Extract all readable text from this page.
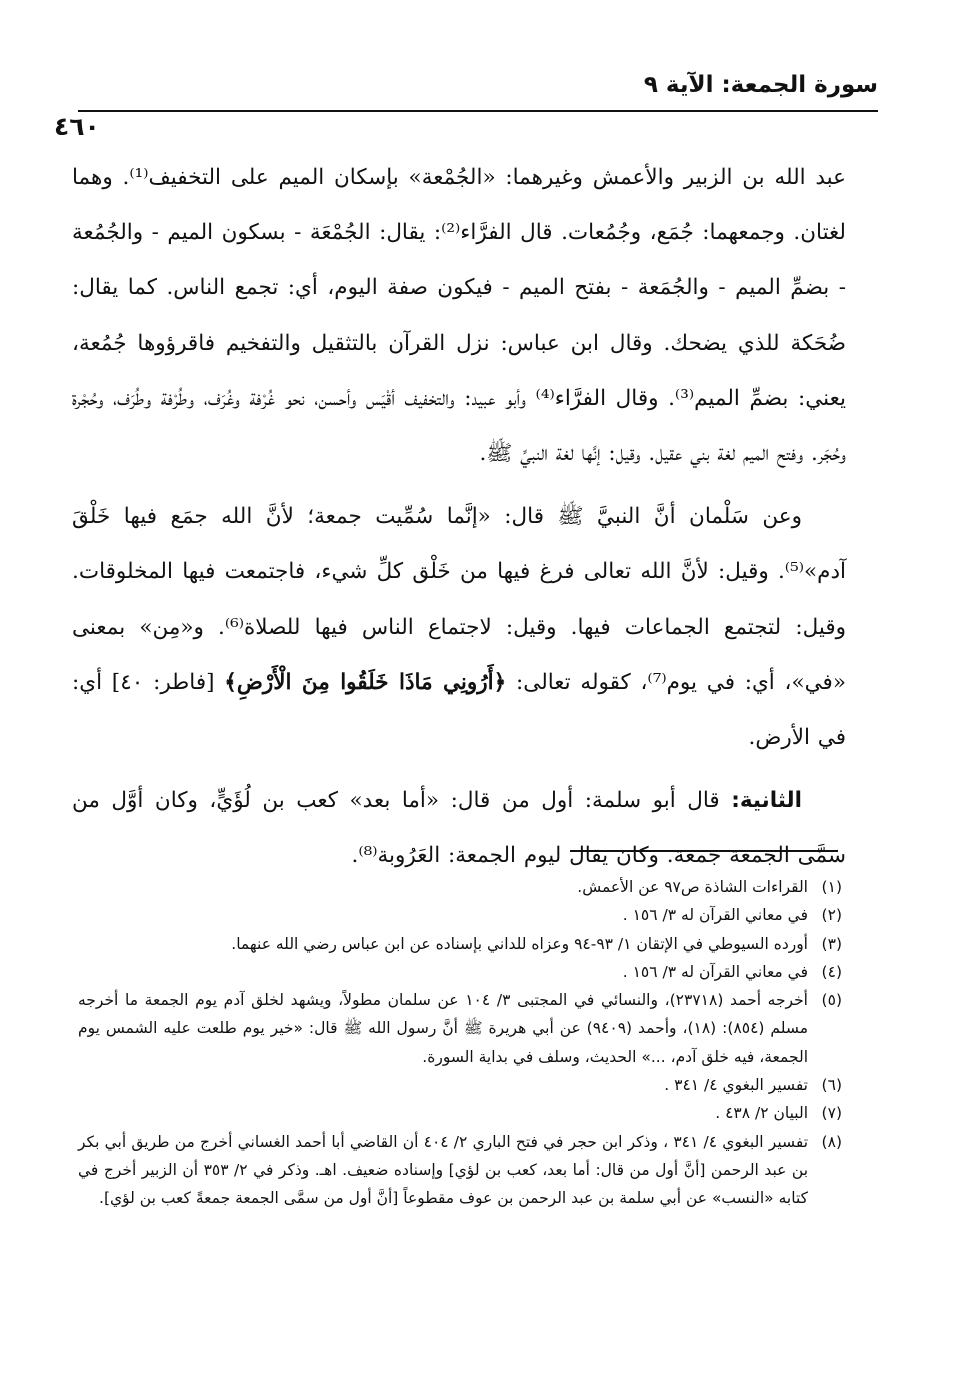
سورة الجمعة: الآية ٩
٤٦٠

عبد الله بن الزبير والأعمش وغيرهما: «الجُمْعة» بإسكان الميم على التخفيف⁽¹⁾. وهما لغتان. وجمعهما: جُمَع، وجُمُعات. قال الفرَّاء⁽²⁾: يقال: الجُمْعَة - بسكون الميم - والجُمُعة - بضمِّ الميم - والجُمَعة - بفتح الميم - فيكون صفة اليوم، أي: تجمع الناس. كما يقال: ضُحَكة للذي يضحك. وقال ابن عباس: نزل القرآن بالتثقيل والتفخيم فاقرؤوها جُمُعة، يعني: بضمِّ الميم⁽³⁾. وقال الفرَّاء⁽⁴⁾ وأبو عبيد: والتخفيف أقْيَس وأحسن، نحو غُرْفة وغُرَف، وطُرْفة وطُرَف، وحُجْرة وحُجَر. وفتح الميم لغة بني عقيل. وقيل: إنَّها لغة النبيِّ ﷺ.

وعن سَلْمان أنَّ النبيَّ ﷺ قال: «إنَّما سُمِّيت جمعة؛ لأنَّ الله جمَع فيها خَلْقَ آدم»⁽⁵⁾. وقيل: لأنَّ الله تعالى فرغ فيها من خَلْق كلِّ شيء، فاجتمعت فيها المخلوقات. وقيل: لتجتمع الجماعات فيها. وقيل: لاجتماع الناس فيها للصلاة⁽⁶⁾. و«مِن» بمعنى «في»، أي: في يوم⁽⁷⁾، كقوله تعالى: ﴿أَرُونِي مَاذَا خَلَقُوا مِنَ الْأَرْضِ﴾ [فاطر: ٤٠] أي: في الأرض.

الثانية: قال أبو سلمة: أول من قال: «أما بعد» كعب بن لُؤَيٍّ، وكان أوَّل من سَمَّى الجمعة جمعة. وكان يقال ليوم الجمعة: العَرُوبة⁽⁸⁾.

(١)
القراءات الشاذة ص٩٧ عن الأعمش.
(٢)
في معاني القرآن له ٣/ ١٥٦ .
(٣)
أورده السيوطي في الإتقان ١/ ٩٣-٩٤ وعزاه للداني بإسناده عن ابن عباس رضي الله عنهما.
(٤)
في معاني القرآن له ٣/ ١٥٦ .
(٥)
أخرجه أحمد (٢٣٧١٨)، والنسائي في المجتبى ٣/ ١٠٤ عن سلمان مطولاً، ويشهد لخلق آدم يوم الجمعة ما أخرجه مسلم (٨٥٤): (١٨)، وأحمد (٩٤٠٩) عن أبي هريرة ﷺ أنَّ رسول الله ﷺ قال: «خير يوم طلعت عليه الشمس يوم الجمعة، فيه خلق آدم، ...» الحديث، وسلف في بداية السورة.
(٦)
تفسير البغوي ٤/ ٣٤١ .
(٧)
البيان ٢/ ٤٣٨ .
(٨)
تفسير البغوي ٤/ ٣٤١ ، وذكر ابن حجر في فتح الباري ٢/ ٤٠٤ أن القاضي أبا أحمد الغساني أخرج من طريق أبي بكر بن عبد الرحمن [أنَّ أول من قال: أما بعد، كعب بن لؤي] وإسناده ضعيف. اهـ. وذكر في ٢/ ٣٥٣ أن الزبير أخرج في كتابه «النسب» عن أبي سلمة بن عبد الرحمن بن عوف مقطوعاً [أنَّ أول من سمَّى الجمعة جمعةً كعب بن لؤي].
